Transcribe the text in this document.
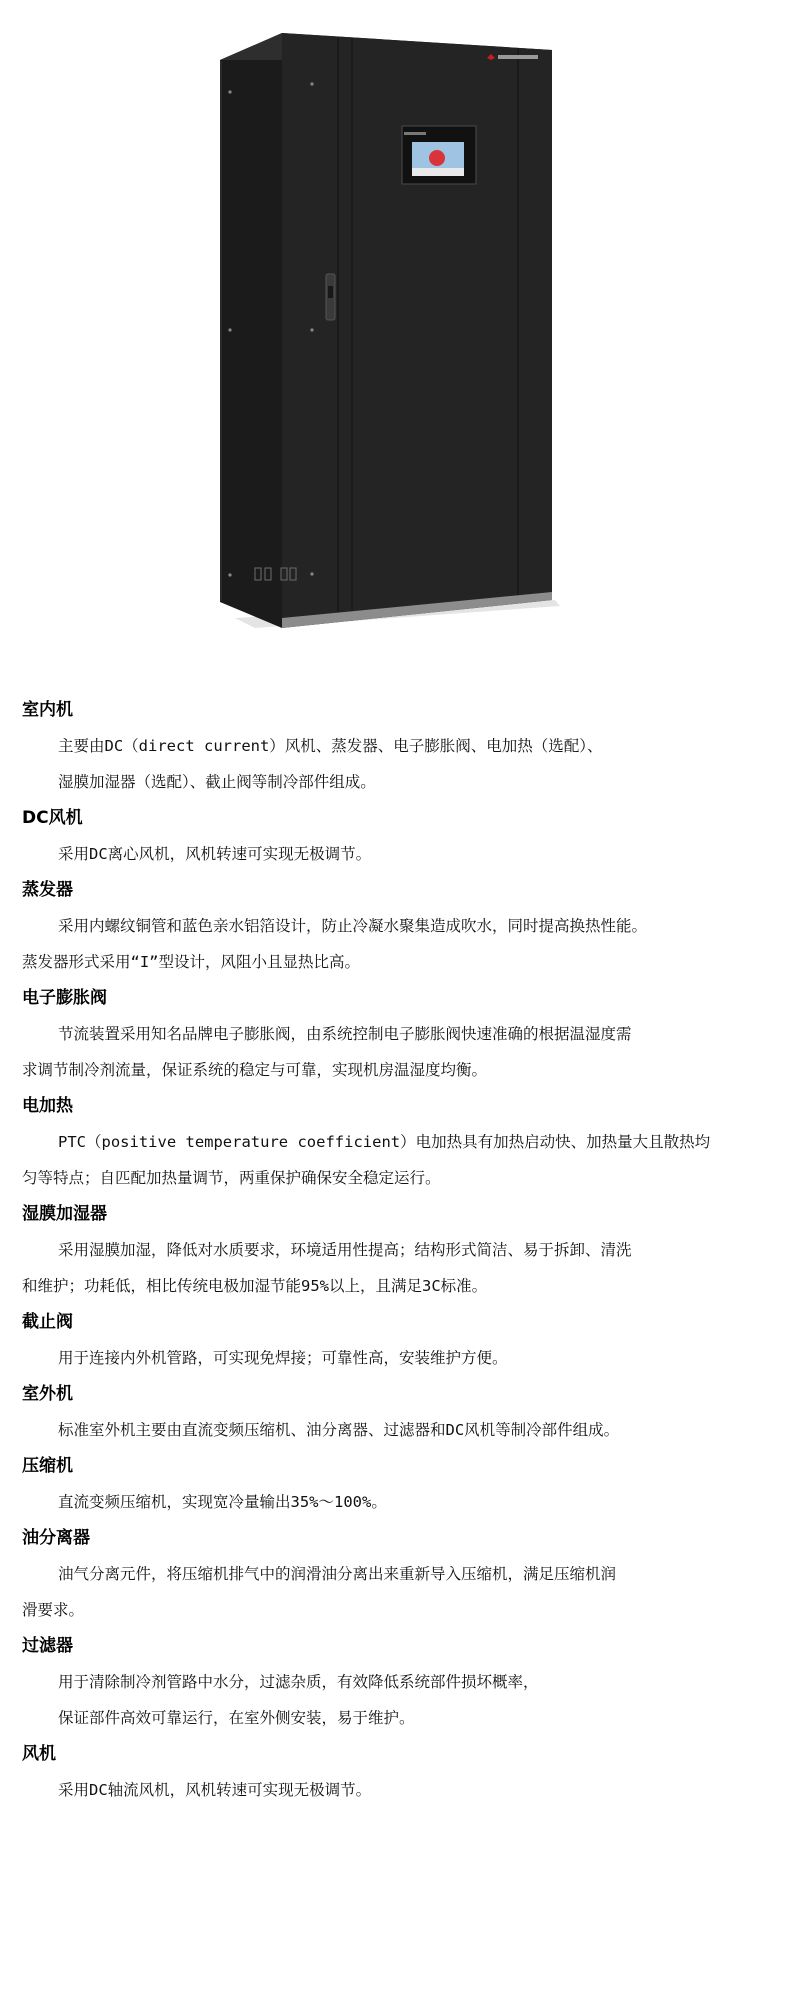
室内机
主要由DC（direct current）风机、蒸发器、电子膨胀阀、电加热（选配）、
湿膜加湿器（选配）、截止阀等制冷部件组成。
DC风机
采用DC离心风机，风机转速可实现无极调节。
蒸发器
采用内螺纹铜管和蓝色亲水铝箔设计，防止冷凝水聚集造成吹水，同时提高换热性能。
蒸发器形式采用“I”型设计，风阻小且显热比高。
电子膨胀阀
节流装置采用知名品牌电子膨胀阀，由系统控制电子膨胀阀快速准确的根据温湿度需
求调节制冷剂流量，保证系统的稳定与可靠，实现机房温湿度均衡。
电加热
PTC（positive temperature coefficient）电加热具有加热启动快、加热量大且散热均
匀等特点；自匹配加热量调节，两重保护确保安全稳定运行。
湿膜加湿器
采用湿膜加湿，降低对水质要求，环境适用性提高；结构形式简洁、易于拆卸、清洗
和维护；功耗低，相比传统电极加湿节能95%以上，且满足3C标准。
截止阀
用于连接内外机管路，可实现免焊接；可靠性高，安装维护方便。
室外机
标准室外机主要由直流变频压缩机、油分离器、过滤器和DC风机等制冷部件组成。
压缩机
直流变频压缩机，实现宽冷量输出35%～100%。
油分离器
油气分离元件，将压缩机排气中的润滑油分离出来重新导入压缩机，满足压缩机润
滑要求。
过滤器
用于清除制冷剂管路中水分，过滤杂质，有效降低系统部件损坏概率，
保证部件高效可靠运行，在室外侧安装，易于维护。
风机
采用DC轴流风机，风机转速可实现无极调节。
